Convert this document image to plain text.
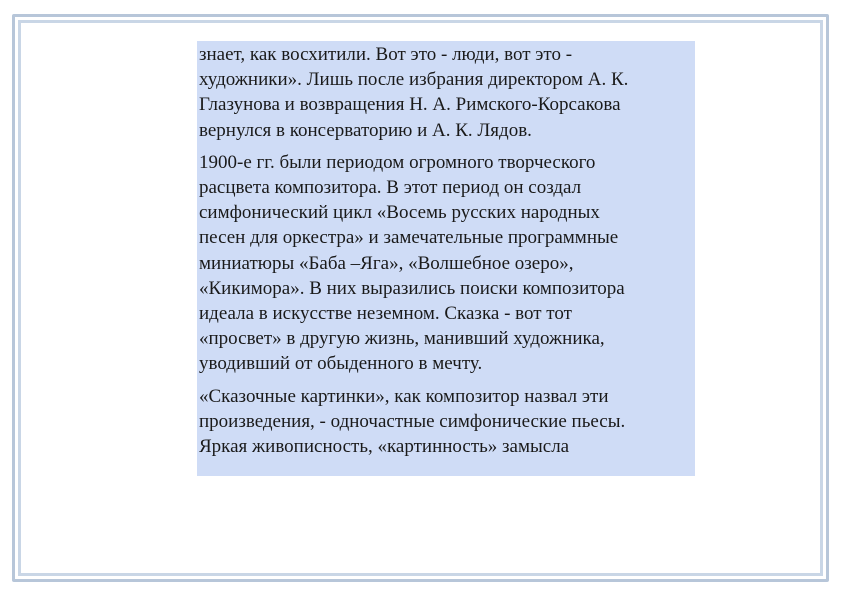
знает, как восхитили. Вот это - люди, вот это -
художники». Лишь после избрания директором А. К.
Глазунова и возвращения Н. А. Римского-Корсакова
вернулся в консерваторию и А. К. Лядов.

1900-е гг. были периодом огромного творческого
расцвета композитора. В этот период он создал
симфонический цикл «Восемь русских народных
песен для оркестра» и замечательные программные
миниатюры «Баба –Яга», «Волшебное озеро»,
«Кикимора». В них выразились поиски композитора
идеала в искусстве неземном. Сказка - вот тот
«просвет» в другую жизнь, манивший художника,
уводивший от обыденного в мечту.

«Сказочные картинки», как композитор назвал эти
произведения, - одночастные симфонические пьесы.
Яркая живописность, «картинность» замысла
